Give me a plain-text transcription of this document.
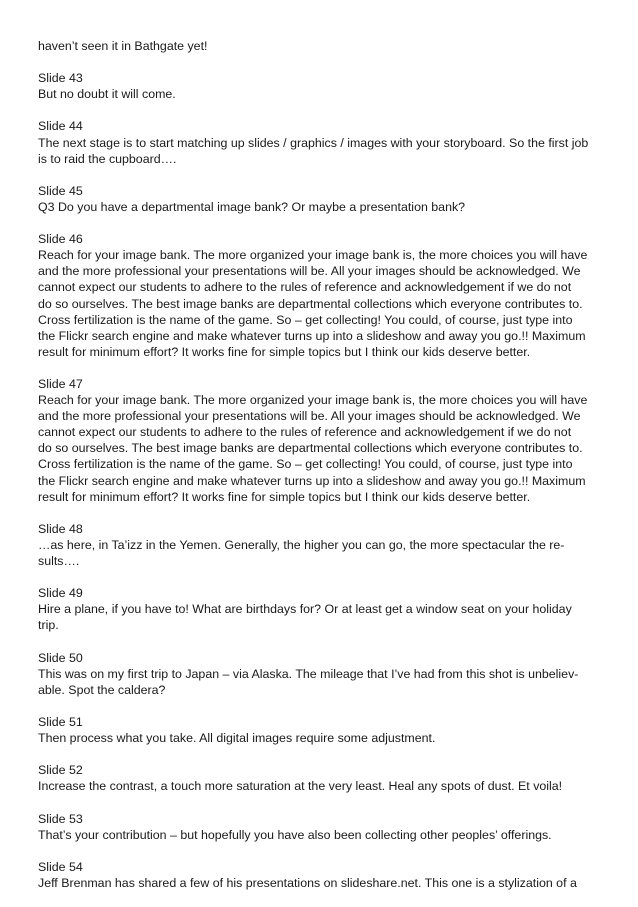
haven’t seen it in Bathgate yet!
Slide 43
But no doubt it will come.
Slide 44
The next stage is to start matching up slides / graphics / images with your storyboard. So the first job
is to raid the cupboard….
Slide 45
Q3 Do you have a departmental image bank? Or maybe a presentation bank?
Slide 46
Reach for your image bank. The more organized your image bank is, the more choices you will have
and the more professional your presentations will be. All your images should be acknowledged. We
cannot expect our students to adhere to the rules of reference and acknowledgement if we do not
do so ourselves. The best image banks are departmental collections which everyone contributes to.
Cross fertilization is the name of the game. So – get collecting! You could, of course, just type into
the Flickr search engine and make whatever turns up into a slideshow and away you go.!! Maximum
result for minimum effort? It works fine for simple topics but I think our kids deserve better.
Slide 47
Reach for your image bank. The more organized your image bank is, the more choices you will have
and the more professional your presentations will be. All your images should be acknowledged. We
cannot expect our students to adhere to the rules of reference and acknowledgement if we do not
do so ourselves. The best image banks are departmental collections which everyone contributes to.
Cross fertilization is the name of the game. So – get collecting! You could, of course, just type into
the Flickr search engine and make whatever turns up into a slideshow and away you go.!! Maximum
result for minimum effort? It works fine for simple topics but I think our kids deserve better.
Slide 48
…as here, in Ta’izz in the Yemen. Generally, the higher you can go, the more spectacular the re-
sults….
Slide 49
Hire a plane, if you have to! What are birthdays for? Or at least get a window seat on your holiday
trip.
Slide 50
This was on my first trip to Japan – via Alaska. The mileage that I’ve had from this shot is unbeliev-
able. Spot the caldera?
Slide 51
Then process what you take. All digital images require some adjustment.
Slide 52
Increase the contrast, a touch more saturation at the very least. Heal any spots of dust. Et voila!
Slide 53
That’s your contribution – but hopefully you have also been collecting other peoples’ offerings.
Slide 54
Jeff Brenman has shared a few of his presentations on slideshare.net. This one is a stylization of a
